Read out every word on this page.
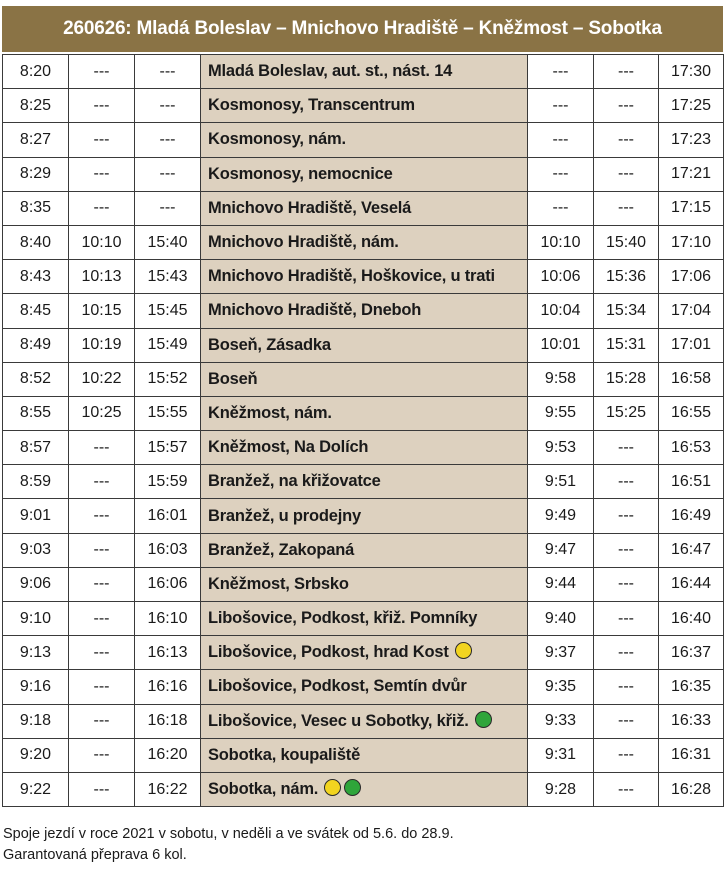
260626: Mladá Boleslav – Mnichovo Hradiště – Kněžmost – Sobotka
8:20	---	---	Mladá Boleslav, aut. st., nást. 14	---	---	17:30
8:25	---	---	Kosmonosy, Transcentrum	---	---	17:25
8:27	---	---	Kosmonosy, nám.	---	---	17:23
8:29	---	---	Kosmonosy, nemocnice	---	---	17:21
8:35	---	---	Mnichovo Hradiště, Veselá	---	---	17:15
8:40	10:10	15:40	Mnichovo Hradiště, nám.	10:10	15:40	17:10
8:43	10:13	15:43	Mnichovo Hradiště, Hoškovice, u trati	10:06	15:36	17:06
8:45	10:15	15:45	Mnichovo Hradiště, Dneboh	10:04	15:34	17:04
8:49	10:19	15:49	Boseň, Zásadka	10:01	15:31	17:01
8:52	10:22	15:52	Boseň	9:58	15:28	16:58
8:55	10:25	15:55	Kněžmost, nám.	9:55	15:25	16:55
8:57	---	15:57	Kněžmost, Na Dolích	9:53	---	16:53
8:59	---	15:59	Branžež, na křižovatce	9:51	---	16:51
9:01	---	16:01	Branžež, u prodejny	9:49	---	16:49
9:03	---	16:03	Branžež, Zakopaná	9:47	---	16:47
9:06	---	16:06	Kněžmost, Srbsko	9:44	---	16:44
9:10	---	16:10	Libošovice, Podkost, křiž. Pomníky	9:40	---	16:40
9:13	---	16:13	Libošovice, Podkost, hrad Kost	9:37	---	16:37
9:16	---	16:16	Libošovice, Podkost, Semtín dvůr	9:35	---	16:35
9:18	---	16:18	Libošovice, Vesec u Sobotky, křiž.	9:33	---	16:33
9:20	---	16:20	Sobotka, koupaliště	9:31	---	16:31
9:22	---	16:22	Sobotka, nám.	9:28	---	16:28
Spoje jezdí v roce 2021 v sobotu, v neděli a ve svátek od 5.6. do 28.9.
Garantovaná přeprava 6 kol.
